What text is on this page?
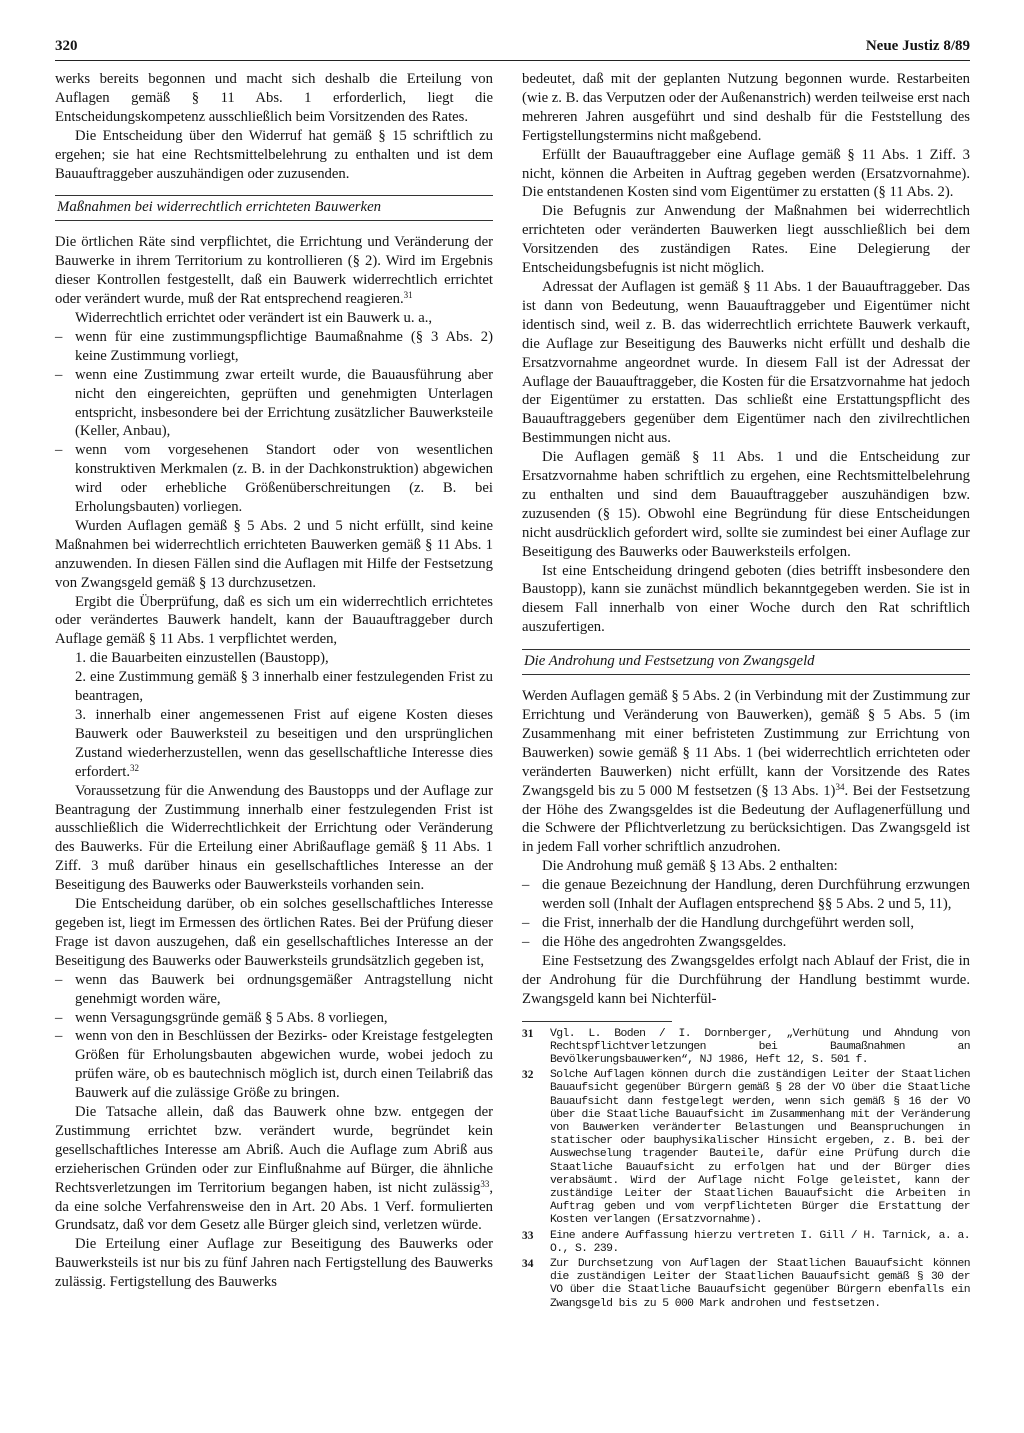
320	Neue Justiz 8/89

werks bereits begonnen und macht sich deshalb die Erteilung von Auflagen gemäß § 11 Abs. 1 erforderlich, liegt die Entscheidungskompetenz ausschließlich beim Vorsitzenden des Rates.

Die Entscheidung über den Widerruf hat gemäß § 15 schriftlich zu ergehen; sie hat eine Rechtsmittelbelehrung zu enthalten und ist dem Bauauftraggeber auszuhändigen oder zuzusenden.

Maßnahmen bei widerrechtlich errichteten Bauwerken

Die örtlichen Räte sind verpflichtet, die Errichtung und Veränderung der Bauwerke in ihrem Territorium zu kontrollieren (§ 2). Wird im Ergebnis dieser Kontrollen festgestellt, daß ein Bauwerk widerrechtlich errichtet oder verändert wurde, muß der Rat entsprechend reagieren.$^{31}$

Widerrechtlich errichtet oder verändert ist ein Bauwerk u. a.,

– wenn für eine zustimmungspflichtige Baumaßnahme (§ 3 Abs. 2) keine Zustimmung vorliegt,

– wenn eine Zustimmung zwar erteilt wurde, die Bauausführung aber nicht den eingereichten, geprüften und genehmigten Unterlagen entspricht, insbesondere bei der Errichtung zusätzlicher Bauwerksteile (Keller, Anbau),

– wenn vom vorgesehenen Standort oder von wesentlichen konstruktiven Merkmalen (z. B. in der Dachkonstruktion) abgewichen wird oder erhebliche Größenüberschreitungen (z. B. bei Erholungsbauten) vorliegen.

Wurden Auflagen gemäß § 5 Abs. 2 und 5 nicht erfüllt, sind keine Maßnahmen bei widerrechtlich errichteten Bauwerken gemäß § 11 Abs. 1 anzuwenden. In diesen Fällen sind die Auflagen mit Hilfe der Festsetzung von Zwangsgeld gemäß § 13 durchzusetzen.

Ergibt die Überprüfung, daß es sich um ein widerrechtlich errichtetes oder verändertes Bauwerk handelt, kann der Bauauftraggeber durch Auflage gemäß § 11 Abs. 1 verpflichtet werden,

1. die Bauarbeiten einzustellen (Baustopp),

2. eine Zustimmung gemäß § 3 innerhalb einer festzulegenden Frist zu beantragen,

3. innerhalb einer angemessenen Frist auf eigene Kosten dieses Bauwerk oder Bauwerksteil zu beseitigen und den ursprünglichen Zustand wiederherzustellen, wenn das gesellschaftliche Interesse dies erfordert.$^{32}$

Voraussetzung für die Anwendung des Baustopps und der Auflage zur Beantragung der Zustimmung innerhalb einer festzulegenden Frist ist ausschließlich die Widerrechtlichkeit der Errichtung oder Veränderung des Bauwerks. Für die Erteilung einer Abrißauflage gemäß § 11 Abs. 1 Ziff. 3 muß darüber hinaus ein gesellschaftliches Interesse an der Beseitigung des Bauwerks oder Bauwerksteils vorhanden sein.

Die Entscheidung darüber, ob ein solches gesellschaftliches Interesse gegeben ist, liegt im Ermessen des örtlichen Rates. Bei der Prüfung dieser Frage ist davon auszugehen, daß ein gesellschaftliches Interesse an der Beseitigung des Bauwerks oder Bauwerksteils grundsätzlich gegeben ist,

– wenn das Bauwerk bei ordnungsgemäßer Antragstellung nicht genehmigt worden wäre,

– wenn Versagungsgründe gemäß § 5 Abs. 8 vorliegen,

– wenn von den in Beschlüssen der Bezirks- oder Kreistage festgelegten Größen für Erholungsbauten abgewichen wurde, wobei jedoch zu prüfen wäre, ob es bautechnisch möglich ist, durch einen Teilabriß das Bauwerk auf die zulässige Größe zu bringen.

Die Tatsache allein, daß das Bauwerk ohne bzw. entgegen der Zustimmung errichtet bzw. verändert wurde, begründet kein gesellschaftliches Interesse am Abriß. Auch die Auflage zum Abriß aus erzieherischen Gründen oder zur Einflußnahme auf Bürger, die ähnliche Rechtsverletzungen im Territorium begangen haben, ist nicht zulässig$^{33}$, da eine solche Verfahrensweise den in Art. 20 Abs. 1 Verf. formulierten Grundsatz, daß vor dem Gesetz alle Bürger gleich sind, verletzen würde.

Die Erteilung einer Auflage zur Beseitigung des Bauwerks oder Bauwerksteils ist nur bis zu fünf Jahren nach Fertigstellung des Bauwerks zulässig. Fertigstellung des Bauwerks

bedeutet, daß mit der geplanten Nutzung begonnen wurde. Restarbeiten (wie z. B. das Verputzen oder der Außenanstrich) werden teilweise erst nach mehreren Jahren ausgeführt und sind deshalb für die Feststellung des Fertigstellungstermins nicht maßgebend.

Erfüllt der Bauauftraggeber eine Auflage gemäß § 11 Abs. 1 Ziff. 3 nicht, können die Arbeiten in Auftrag gegeben werden (Ersatzvornahme). Die entstandenen Kosten sind vom Eigentümer zu erstatten (§ 11 Abs. 2).

Die Befugnis zur Anwendung der Maßnahmen bei widerrechtlich errichteten oder veränderten Bauwerken liegt ausschließlich bei dem Vorsitzenden des zuständigen Rates. Eine Delegierung der Entscheidungsbefugnis ist nicht möglich.

Adressat der Auflagen ist gemäß § 11 Abs. 1 der Bauauftraggeber. Das ist dann von Bedeutung, wenn Bauauftraggeber und Eigentümer nicht identisch sind, weil z. B. das widerrechtlich errichtete Bauwerk verkauft, die Auflage zur Beseitigung des Bauwerks nicht erfüllt und deshalb die Ersatzvornahme angeordnet wurde. In diesem Fall ist der Adressat der Auflage der Bauauftraggeber, die Kosten für die Ersatzvornahme hat jedoch der Eigentümer zu erstatten. Das schließt eine Erstattungspflicht des Bauauftraggebers gegenüber dem Eigentümer nach den zivilrechtlichen Bestimmungen nicht aus.

Die Auflagen gemäß § 11 Abs. 1 und die Entscheidung zur Ersatzvornahme haben schriftlich zu ergehen, eine Rechtsmittelbelehrung zu enthalten und sind dem Bauauftraggeber auszuhändigen bzw. zuzusenden (§ 15). Obwohl eine Begründung für diese Entscheidungen nicht ausdrücklich gefordert wird, sollte sie zumindest bei einer Auflage zur Beseitigung des Bauwerks oder Bauwerksteils erfolgen.

Ist eine Entscheidung dringend geboten (dies betrifft insbesondere den Baustopp), kann sie zunächst mündlich bekanntgegeben werden. Sie ist in diesem Fall innerhalb von einer Woche durch den Rat schriftlich auszufertigen.

Die Androhung und Festsetzung von Zwangsgeld

Werden Auflagen gemäß § 5 Abs. 2 (in Verbindung mit der Zustimmung zur Errichtung und Veränderung von Bauwerken), gemäß § 5 Abs. 5 (im Zusammenhang mit einer befristeten Zustimmung zur Errichtung von Bauwerken) sowie gemäß § 11 Abs. 1 (bei widerrechtlich errichteten oder veränderten Bauwerken) nicht erfüllt, kann der Vorsitzende des Rates Zwangsgeld bis zu 5 000 M festsetzen (§ 13 Abs. 1)$^{34}$. Bei der Festsetzung der Höhe des Zwangsgeldes ist die Bedeutung der Auflagenerfüllung und die Schwere der Pflichtverletzung zu berücksichtigen. Das Zwangsgeld ist in jedem Fall vorher schriftlich anzudrohen.

Die Androhung muß gemäß § 13 Abs. 2 enthalten:

– die genaue Bezeichnung der Handlung, deren Durchführung erzwungen werden soll (Inhalt der Auflagen entsprechend §§ 5 Abs. 2 und 5, 11),

– die Frist, innerhalb der die Handlung durchgeführt werden soll,

– die Höhe des angedrohten Zwangsgeldes.

Eine Festsetzung des Zwangsgeldes erfolgt nach Ablauf der Frist, die in der Androhung für die Durchführung der Handlung bestimmt wurde. Zwangsgeld kann bei Nichterfül-

31	Vgl. L. Boden / I. Dornberger, „Verhütung und Ahndung von Rechtspflichtverletzungen bei Baumaßnahmen an Bevölkerungsbauwerken“, NJ 1986, Heft 12, S. 501 f.
32	Solche Auflagen können durch die zuständigen Leiter der Staatlichen Bauaufsicht gegenüber Bürgern gemäß § 28 der VO über die Staatliche Bauaufsicht dann festgelegt werden, wenn sich gemäß § 16 der VO über die Staatliche Bauaufsicht im Zusammenhang mit der Veränderung von Bauwerken veränderter Belastungen und Beanspruchungen in statischer oder bauphysikalischer Hinsicht ergeben, z. B. bei der Auswechselung tragender Bauteile, dafür eine Prüfung durch die Staatliche Bauaufsicht zu erfolgen hat und der Bürger dies verabsäumt. Wird der Auflage nicht Folge geleistet, kann der zuständige Leiter der Staatlichen Bauaufsicht die Arbeiten in Auftrag geben und vom verpflichteten Bürger die Erstattung der Kosten verlangen (Ersatzvornahme).
33	Eine andere Auffassung hierzu vertreten I. Gill / H. Tarnick, a. a. O., S. 239.
34	Zur Durchsetzung von Auflagen der Staatlichen Bauaufsicht können die zuständigen Leiter der Staatlichen Bauaufsicht gemäß § 30 der VO über die Staatliche Bauaufsicht gegenüber Bürgern ebenfalls ein Zwangsgeld bis zu 5 000 Mark androhen und festsetzen.
